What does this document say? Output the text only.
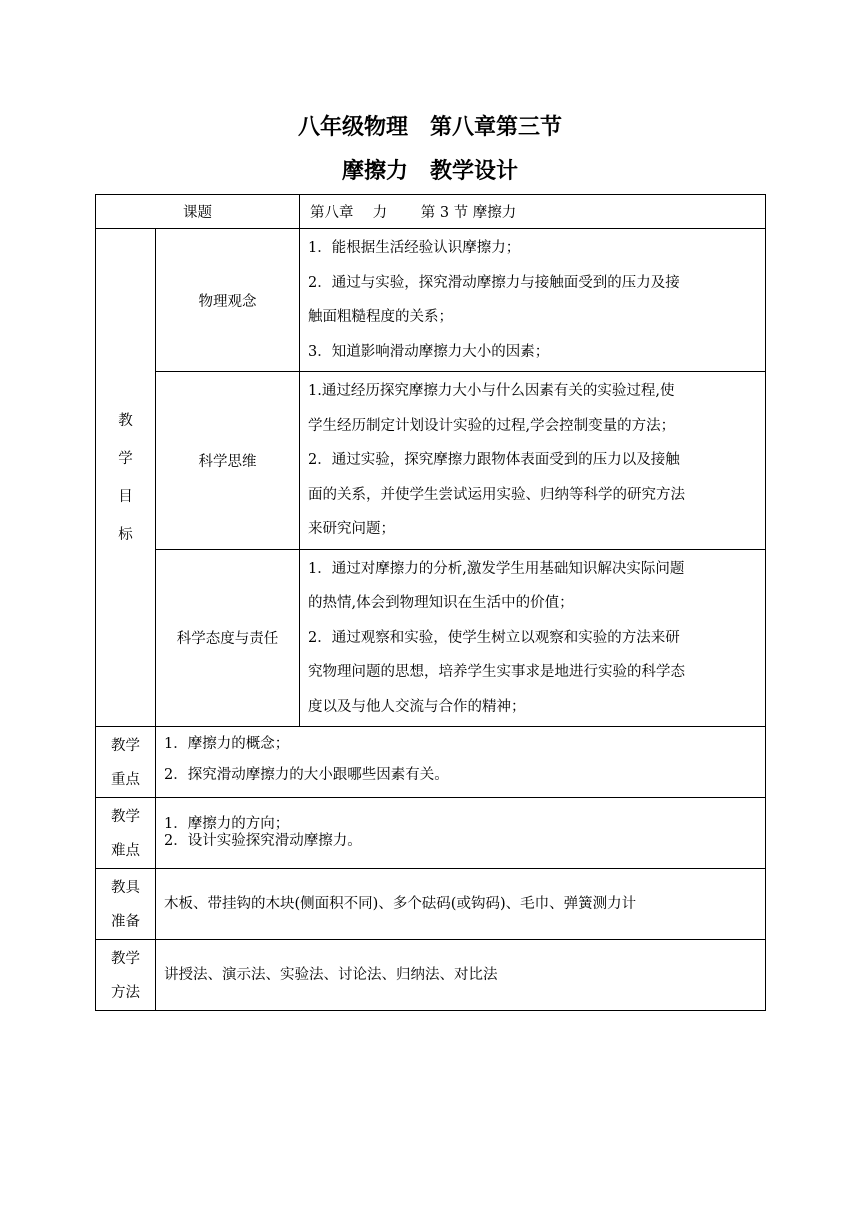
八年级物理　第八章第三节
摩擦力　教学设计
课题		第八章　 力　　 第 3 节 摩擦力

教
学
目
标	物理观念	1．能根据生活经验认识摩擦力；
2．通过与实验，探究滑动摩擦力与接触面受到的压力及接
触面粗糙程度的关系；
3．知道影响滑动摩擦力大小的因素；

	科学思维	1.通过经历探究摩擦力大小与什么因素有关的实验过程,使
学生经历制定计划设计实验的过程,学会控制变量的方法；
2．通过实验，探究摩擦力跟物体表面受到的压力以及接触
面的关系，并使学生尝试运用实验、归纳等科学的研究方法
来研究问题；

	科学态度与责任	1．通过对摩擦力的分析,激发学生用基础知识解决实际问题
的热情,体会到物理知识在生活中的价值；
2．通过观察和实验，使学生树立以观察和实验的方法来研
究物理问题的思想，培养学生实事求是地进行实验的科学态
度以及与他人交流与合作的精神；

教学
重点	1．摩擦力的概念；
2．探究滑动摩擦力的大小跟哪些因素有关。	

教学
难点	1．摩擦力的方向；
2．设计实验探究滑动摩擦力。	

教具
准备	木板、带挂钩的木块(侧面积不同)、多个砝码(或钩码)、毛巾、弹簧测力计	

教学
方法	讲授法、演示法、实验法、讨论法、归纳法、对比法	
